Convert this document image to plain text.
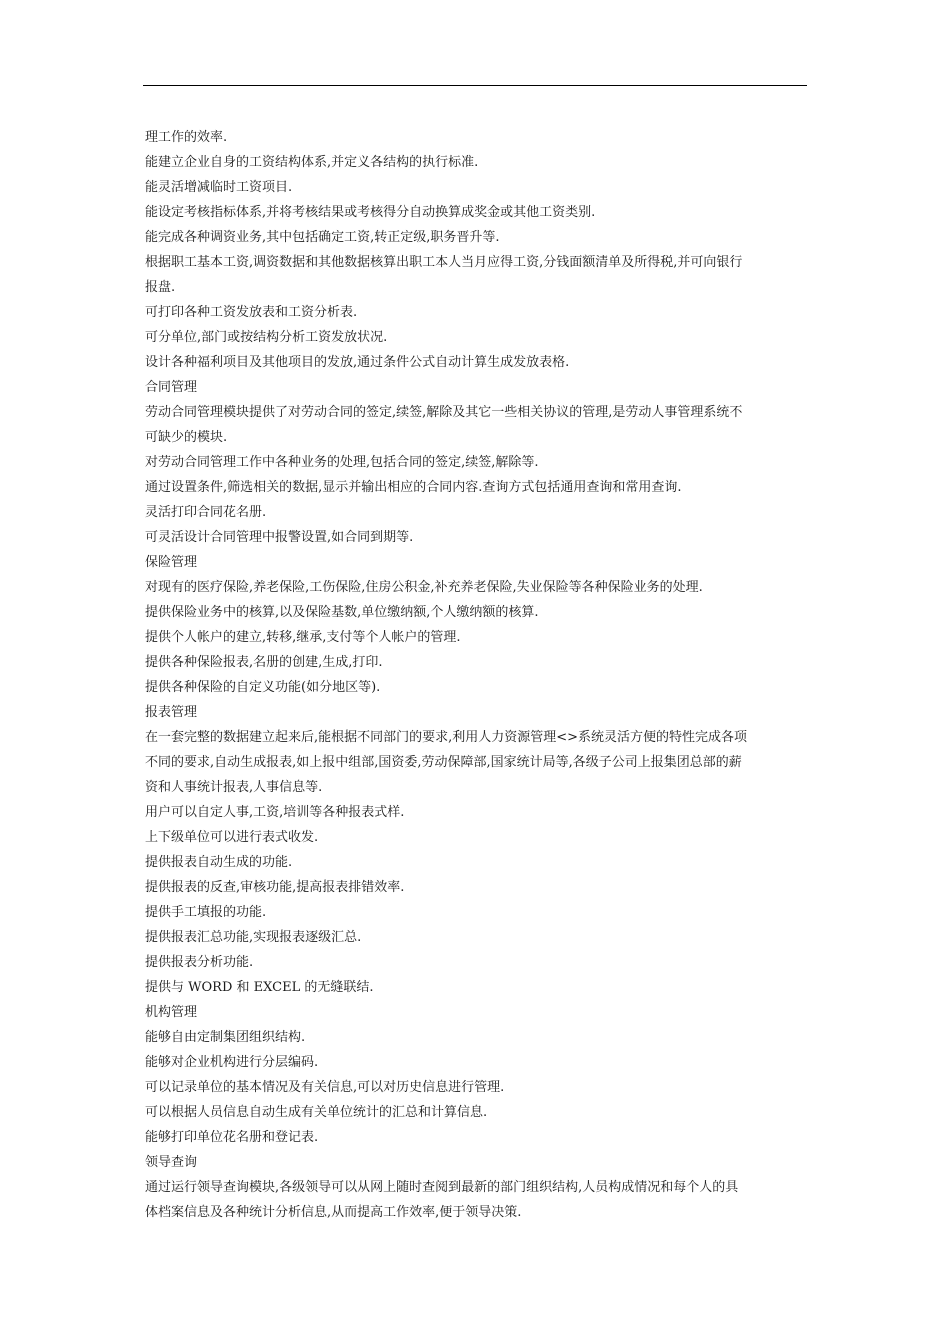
理工作的效率.
能建立企业自身的工资结构体系,并定义各结构的执行标准.
能灵活增减临时工资项目.
能设定考核指标体系,并将考核结果或考核得分自动换算成奖金或其他工资类别.
能完成各种调资业务,其中包括确定工资,转正定级,职务晋升等.
根据职工基本工资,调资数据和其他数据核算出职工本人当月应得工资,分钱面额清单及所得税,并可向银行
报盘.
可打印各种工资发放表和工资分析表.
可分单位,部门或按结构分析工资发放状况.
设计各种福利项目及其他项目的发放,通过条件公式自动计算生成发放表格.
合同管理
劳动合同管理模块提供了对劳动合同的签定,续签,解除及其它一些相关协议的管理,是劳动人事管理系统不
可缺少的模块.
对劳动合同管理工作中各种业务的处理,包括合同的签定,续签,解除等.
通过设置条件,筛选相关的数据,显示并输出相应的合同内容.查询方式包括通用查询和常用查询.
灵活打印合同花名册.
可灵活设计合同管理中报警设置,如合同到期等.
保险管理
对现有的医疗保险,养老保险,工伤保险,住房公积金,补充养老保险,失业保险等各种保险业务的处理.
提供保险业务中的核算,以及保险基数,单位缴纳额,个人缴纳额的核算.
提供个人帐户的建立,转移,继承,支付等个人帐户的管理.
提供各种保险报表,名册的创建,生成,打印.
提供各种保险的自定义功能(如分地区等).
报表管理
在一套完整的数据建立起来后,能根据不同部门的要求,利用人力资源管理<>系统灵活方便的特性完成各项
不同的要求,自动生成报表,如上报中组部,国资委,劳动保障部,国家统计局等,各级子公司上报集团总部的薪
资和人事统计报表,人事信息等.
用户可以自定人事,工资,培训等各种报表式样.
上下级单位可以进行表式收发.
提供报表自动生成的功能.
提供报表的反查,审核功能,提高报表排错效率.
提供手工填报的功能.
提供报表汇总功能,实现报表逐级汇总.
提供报表分析功能.
提供与 WORD 和 EXCEL 的无缝联结.
机构管理
能够自由定制集团组织结构.
能够对企业机构进行分层编码.
可以记录单位的基本情况及有关信息,可以对历史信息进行管理.
可以根据人员信息自动生成有关单位统计的汇总和计算信息.
能够打印单位花名册和登记表.
领导查询
通过运行领导查询模块,各级领导可以从网上随时查阅到最新的部门组织结构,人员构成情况和每个人的具
体档案信息及各种统计分析信息,从而提高工作效率,便于领导决策.
